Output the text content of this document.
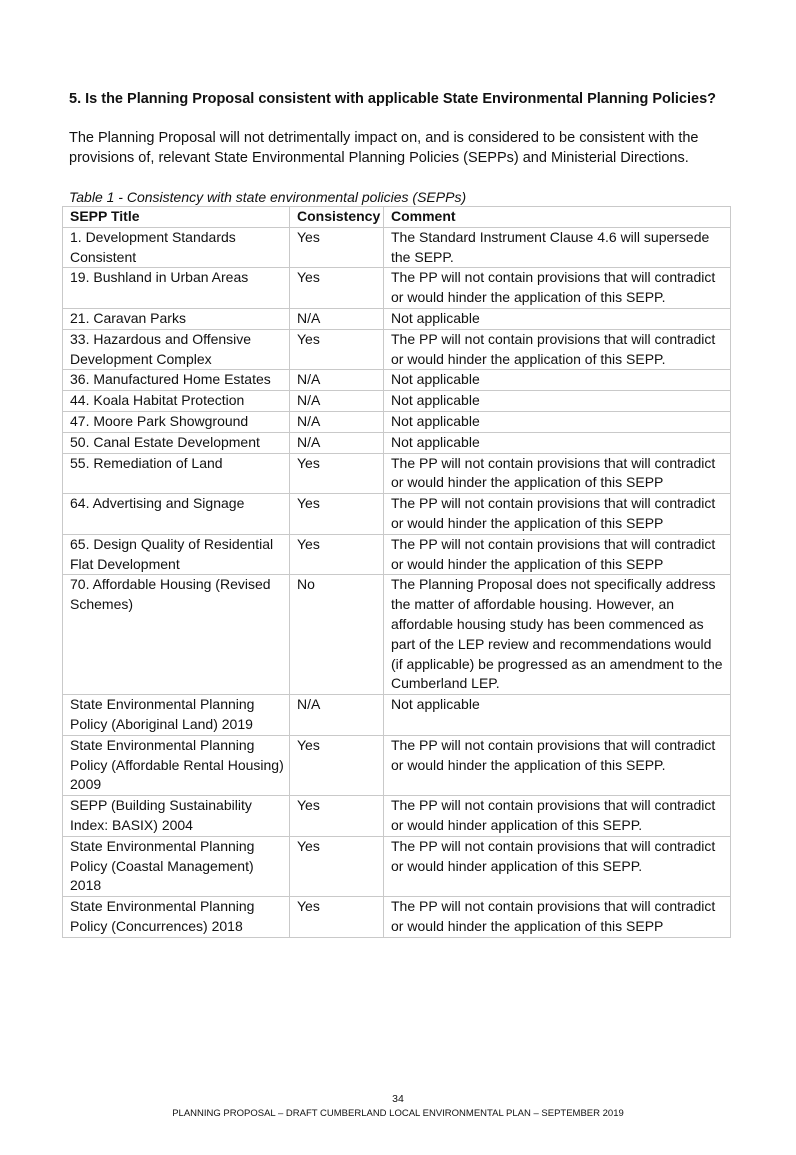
5. Is the Planning Proposal consistent with applicable State Environmental Planning Policies?

The Planning Proposal will not detrimentally impact on, and is considered to be consistent with the provisions of, relevant State Environmental Planning Policies (SEPPs) and Ministerial Directions.

Table 1 - Consistency with state environmental policies (SEPPs)

SEPP Title	Consistency	Comment
1. Development Standards Consistent	Yes	The Standard Instrument Clause 4.6 will supersede the SEPP.
19. Bushland in Urban Areas	Yes	The PP will not contain provisions that will contradict or would hinder the application of this SEPP.
21. Caravan Parks	N/A	Not applicable
33. Hazardous and Offensive Development Complex	Yes	The PP will not contain provisions that will contradict or would hinder the application of this SEPP.
36. Manufactured Home Estates	N/A	Not applicable
44. Koala Habitat Protection	N/A	Not applicable
47. Moore Park Showground	N/A	Not applicable
50. Canal Estate Development	N/A	Not applicable
55. Remediation of Land	Yes	The PP will not contain provisions that will contradict or would hinder the application of this SEPP
64. Advertising and Signage	Yes	The PP will not contain provisions that will contradict or would hinder the application of this SEPP
65. Design Quality of Residential Flat Development	Yes	The PP will not contain provisions that will contradict or would hinder the application of this SEPP
70. Affordable Housing (Revised Schemes)	No	The Planning Proposal does not specifically address the matter of affordable housing. However, an affordable housing study has been commenced as part of the LEP review and recommendations would (if applicable) be progressed as an amendment to the Cumberland LEP.
State Environmental Planning Policy (Aboriginal Land) 2019	N/A	Not applicable
State Environmental Planning Policy (Affordable Rental Housing) 2009	Yes	The PP will not contain provisions that will contradict or would hinder the application of this SEPP.
SEPP (Building Sustainability Index: BASIX) 2004	Yes	The PP will not contain provisions that will contradict or would hinder application of this SEPP.
State Environmental Planning Policy (Coastal Management) 2018	Yes	The PP will not contain provisions that will contradict or would hinder application of this SEPP.
State Environmental Planning Policy (Concurrences) 2018	Yes	The PP will not contain provisions that will contradict or would hinder the application of this SEPP
34
PLANNING PROPOSAL – DRAFT CUMBERLAND LOCAL ENVIRONMENTAL PLAN – SEPTEMBER 2019
